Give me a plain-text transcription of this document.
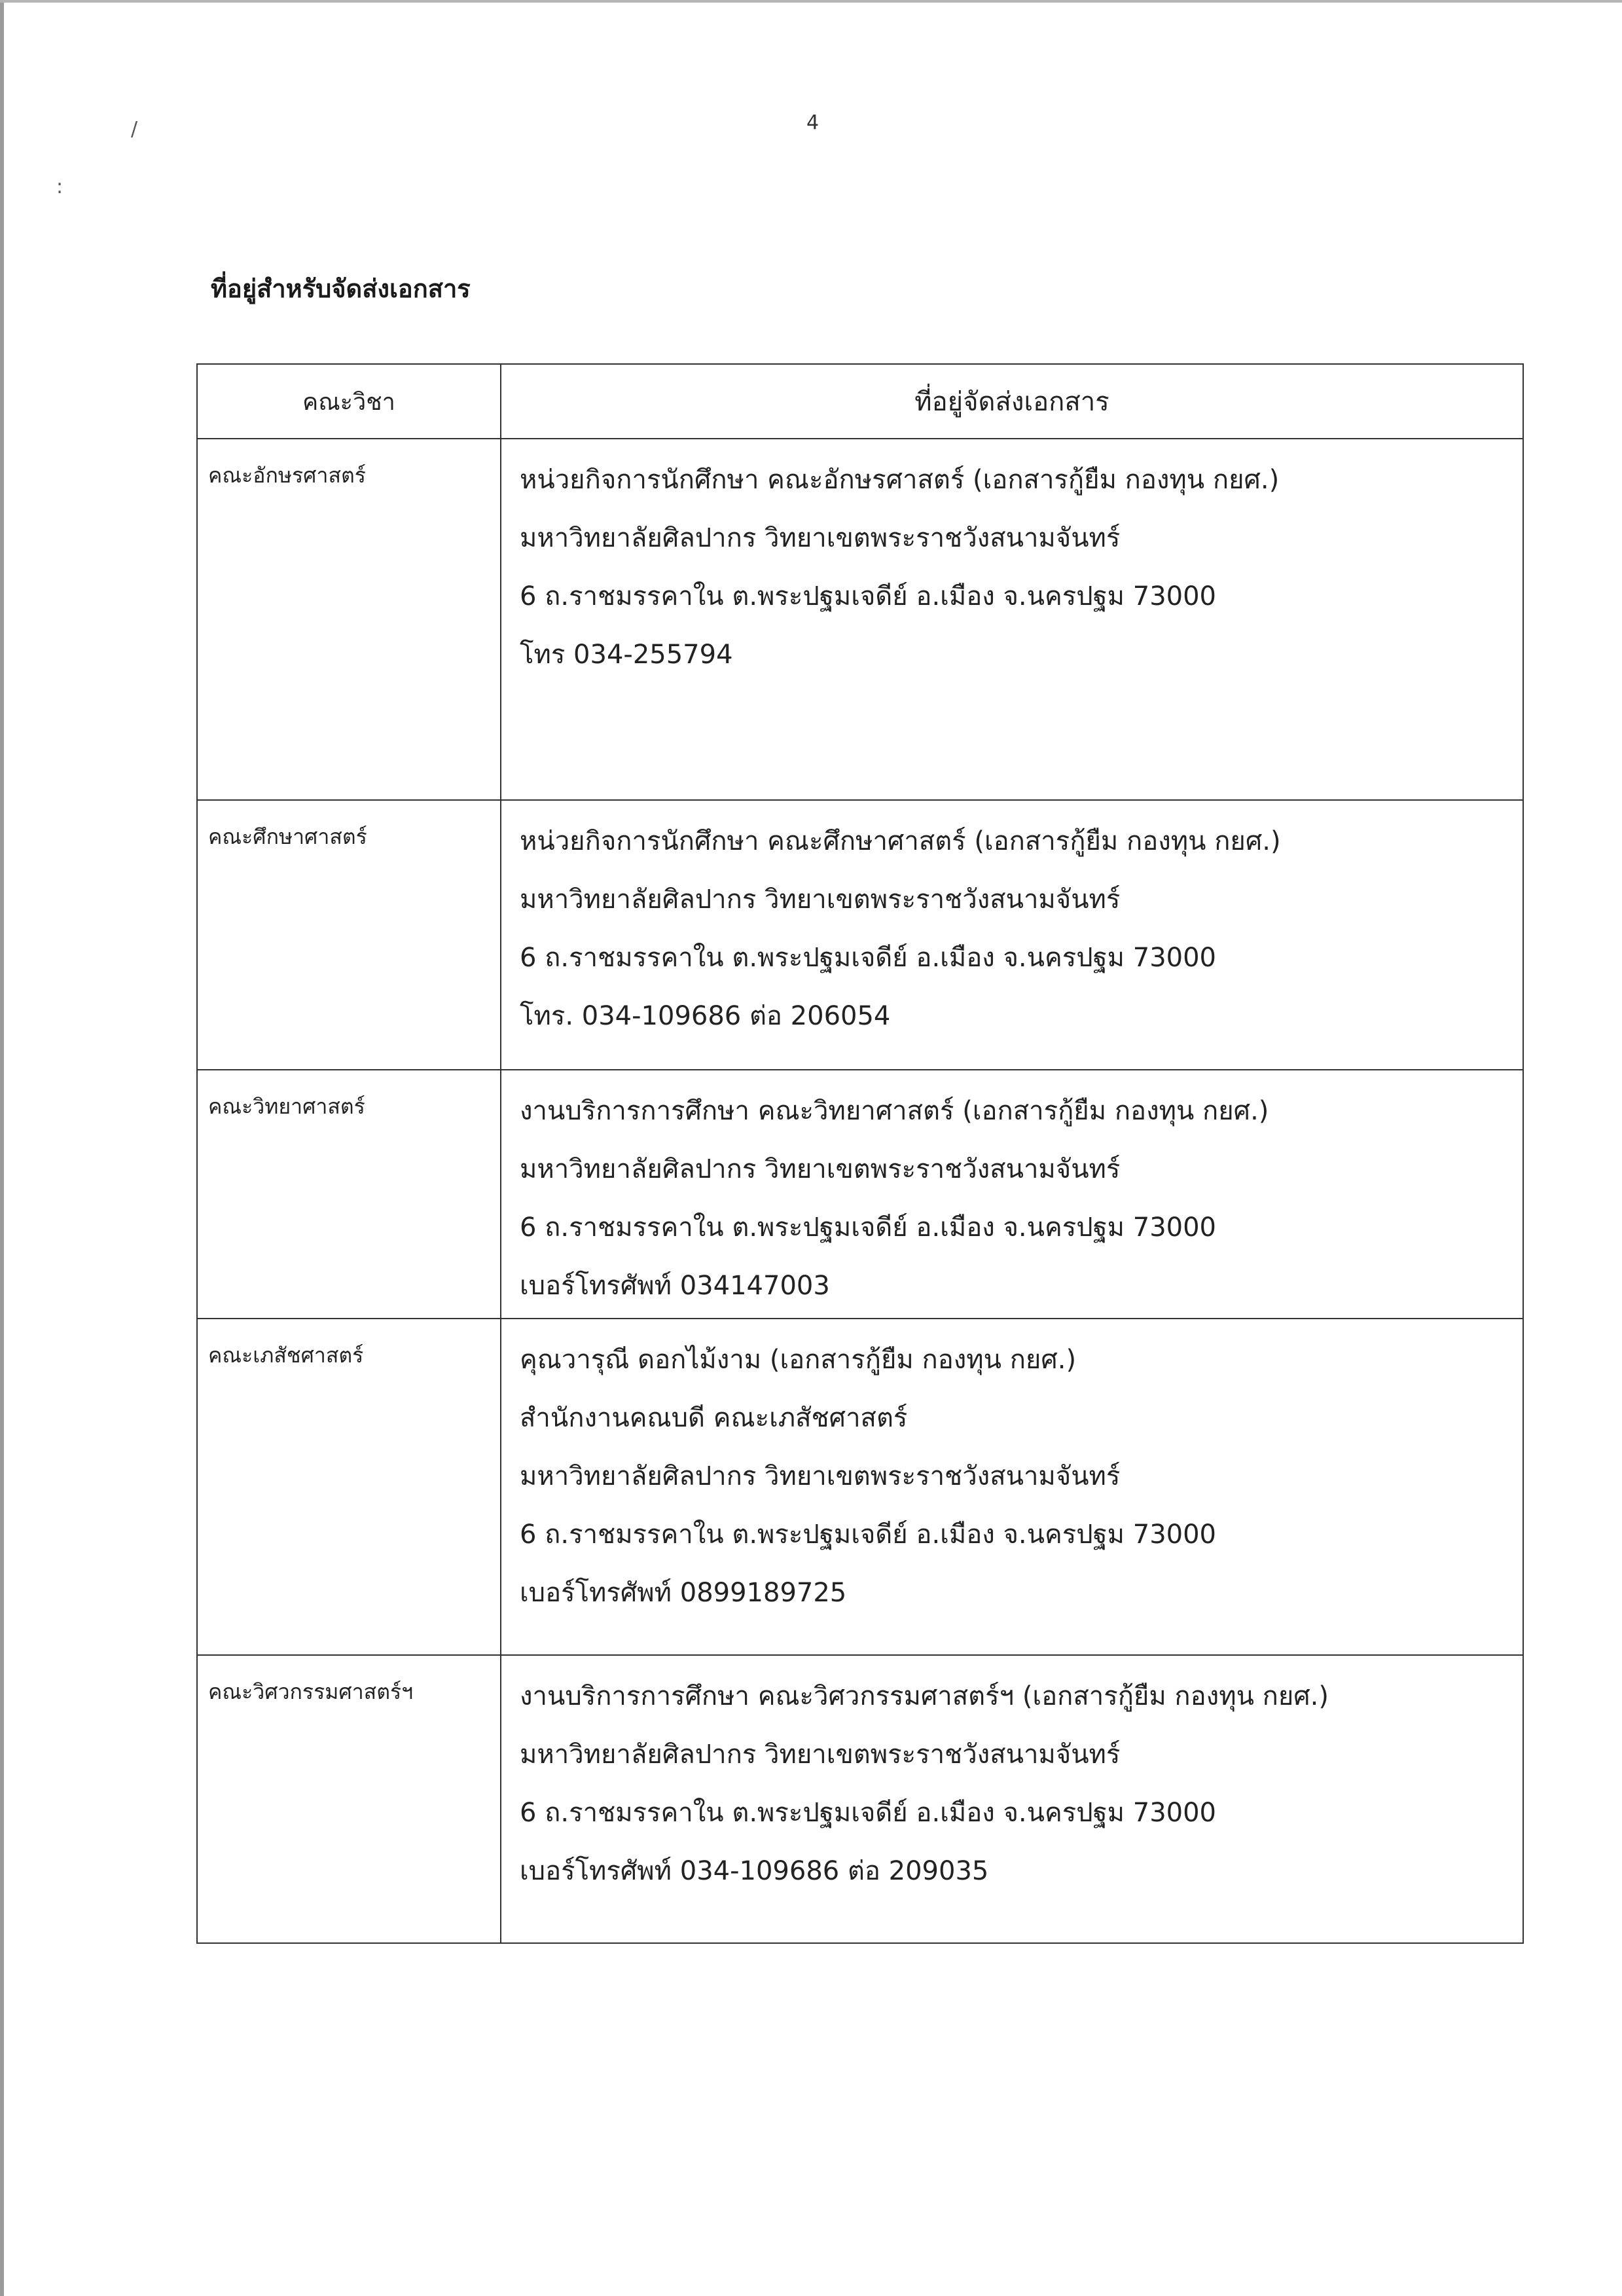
/
:
4
ที่อยู่สำหรับจัดส่งเอกสาร
คณะวิชา	ที่อยู่จัดส่งเอกสาร
คณะอักษรศาสตร์	หน่วยกิจการนักศึกษา คณะอักษรศาสตร์ (เอกสารกู้ยืม กองทุน กยศ.)
มหาวิทยาลัยศิลปากร วิทยาเขตพระราชวังสนามจันทร์
6 ถ.ราชมรรคาใน ต.พระปฐมเจดีย์ อ.เมือง จ.นครปฐม 73000
โทร 034-255794

คณะศึกษาศาสตร์	หน่วยกิจการนักศึกษา คณะศึกษาศาสตร์ (เอกสารกู้ยืม กองทุน กยศ.)
มหาวิทยาลัยศิลปากร วิทยาเขตพระราชวังสนามจันทร์
6 ถ.ราชมรรคาใน ต.พระปฐมเจดีย์ อ.เมือง จ.นครปฐม 73000
โทร. 034-109686 ต่อ 206054

คณะวิทยาศาสตร์	งานบริการการศึกษา คณะวิทยาศาสตร์ (เอกสารกู้ยืม กองทุน กยศ.)
มหาวิทยาลัยศิลปากร วิทยาเขตพระราชวังสนามจันทร์
6 ถ.ราชมรรคาใน ต.พระปฐมเจดีย์ อ.เมือง จ.นครปฐม 73000
เบอร์โทรศัพท์ 034147003

คณะเภสัชศาสตร์	คุณวารุณี ดอกไม้งาม (เอกสารกู้ยืม กองทุน กยศ.)
สำนักงานคณบดี คณะเภสัชศาสตร์
มหาวิทยาลัยศิลปากร วิทยาเขตพระราชวังสนามจันทร์
6 ถ.ราชมรรคาใน ต.พระปฐมเจดีย์ อ.เมือง จ.นครปฐม 73000
เบอร์โทรศัพท์ 0899189725

คณะวิศวกรรมศาสตร์ฯ	งานบริการการศึกษา คณะวิศวกรรมศาสตร์ฯ (เอกสารกู้ยืม กองทุน กยศ.)
มหาวิทยาลัยศิลปากร วิทยาเขตพระราชวังสนามจันทร์
6 ถ.ราชมรรคาใน ต.พระปฐมเจดีย์ อ.เมือง จ.นครปฐม 73000
เบอร์โทรศัพท์ 034-109686 ต่อ 209035
